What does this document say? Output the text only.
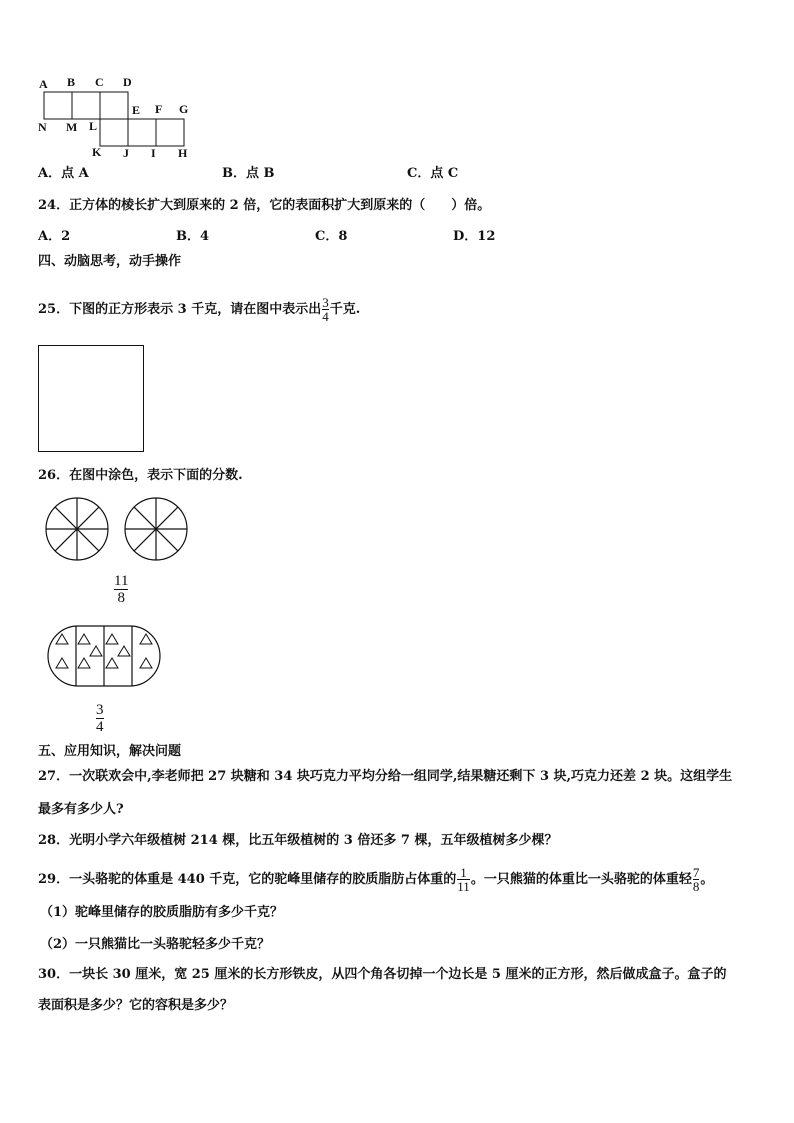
A B C D
E F G
N M L
K J I H
A．点 A	B．点 B	C．点 C
24．正方体的棱长扩大到原来的 2 倍，它的表面积扩大到原来的（　　）倍。
A．2	B．4	C．8	D．12
四、动脑思考，动手操作
25．下图的正方形表示 3 千克，请在图中表示出 $\frac{3}{4}$ 千克.
26．在图中涂色，表示下面的分数.
11
8
3
4
五、应用知识，解决问题
27．一次联欢会中,李老师把 27 块糖和 34 块巧克力平均分给一组同学,结果糖还剩下 3 块,巧克力还差 2 块。这组学生
最多有多少人?
28．光明小学六年级植树 214 棵，比五年级植树的 3 倍还多 7 棵，五年级植树多少棵？
29．一头骆驼的体重是 440 千克，它的驼峰里储存的胶质脂肪占体重的 $\frac{1}{11}$ 。一只熊猫的体重比一头骆驼的体重轻 $\frac{7}{8}$ 。
（1）驼峰里储存的胶质脂肪有多少千克？
（2）一只熊猫比一头骆驼轻多少千克？
30．一块长 30 厘米，宽 25 厘米的长方形铁皮，从四个角各切掉一个边长是 5 厘米的正方形，然后做成盒子。盒子的
表面积是多少？它的容积是多少？
